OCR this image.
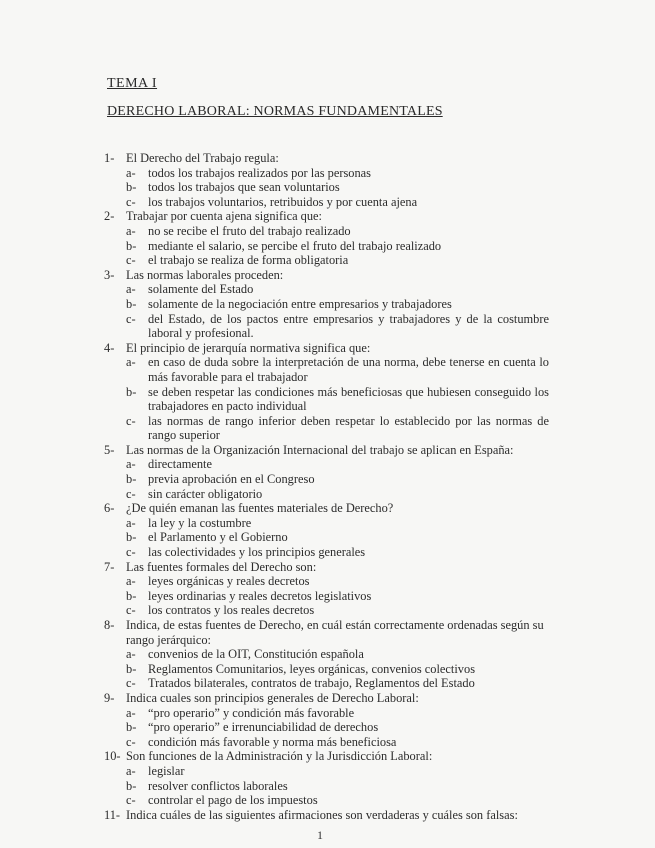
TEMA I
DERECHO LABORAL: NORMAS FUNDAMENTALES
1- El Derecho del Trabajo regula:
a- todos los trabajos realizados por las personas
b- todos los trabajos que sean voluntarios
c- los trabajos voluntarios, retribuidos y por cuenta ajena
2- Trabajar por cuenta ajena significa que:
a- no se recibe el fruto del trabajo realizado
b- mediante el salario, se percibe el fruto del trabajo realizado
c- el trabajo se realiza de forma obligatoria
3- Las normas laborales proceden:
a- solamente del Estado
b- solamente de la negociación entre empresarios y trabajadores
c- del Estado, de los pactos entre empresarios y trabajadores y de la costumbre laboral y profesional.
4- El principio de jerarquía normativa significa que:
a- en caso de duda sobre la interpretación de una norma, debe tenerse en cuenta lo más favorable para el trabajador
b- se deben respetar las condiciones más beneficiosas que hubiesen conseguido los trabajadores en pacto individual
c- las normas de rango inferior deben respetar lo establecido por las normas de rango superior
5- Las normas de la Organización Internacional del trabajo se aplican en España:
a- directamente
b- previa aprobación en el Congreso
c- sin carácter obligatorio
6- ¿De quién emanan las fuentes materiales de Derecho?
a- la ley y la costumbre
b- el Parlamento y el Gobierno
c- las colectividades y los principios generales
7- Las fuentes formales del Derecho son:
a- leyes orgánicas y reales decretos
b- leyes ordinarias y reales decretos legislativos
c- los contratos y los reales decretos
8- Indica, de estas fuentes de Derecho, en cuál están correctamente ordenadas según su rango jerárquico:
a- convenios de la OIT, Constitución española
b- Reglamentos Comunitarios, leyes orgánicas, convenios colectivos
c- Tratados bilaterales, contratos de trabajo, Reglamentos del Estado
9- Indica cuales son principios generales de Derecho Laboral:
a- “pro operario” y condición más favorable
b- “pro operario” e irrenunciabilidad de derechos
c- condición más favorable y norma más beneficiosa
10- Son funciones de la Administración y la Jurisdicción Laboral:
a- legislar
b- resolver conflictos laborales
c- controlar el pago de los impuestos
11- Indica cuáles de las siguientes afirmaciones son verdaderas y cuáles son falsas:
1
